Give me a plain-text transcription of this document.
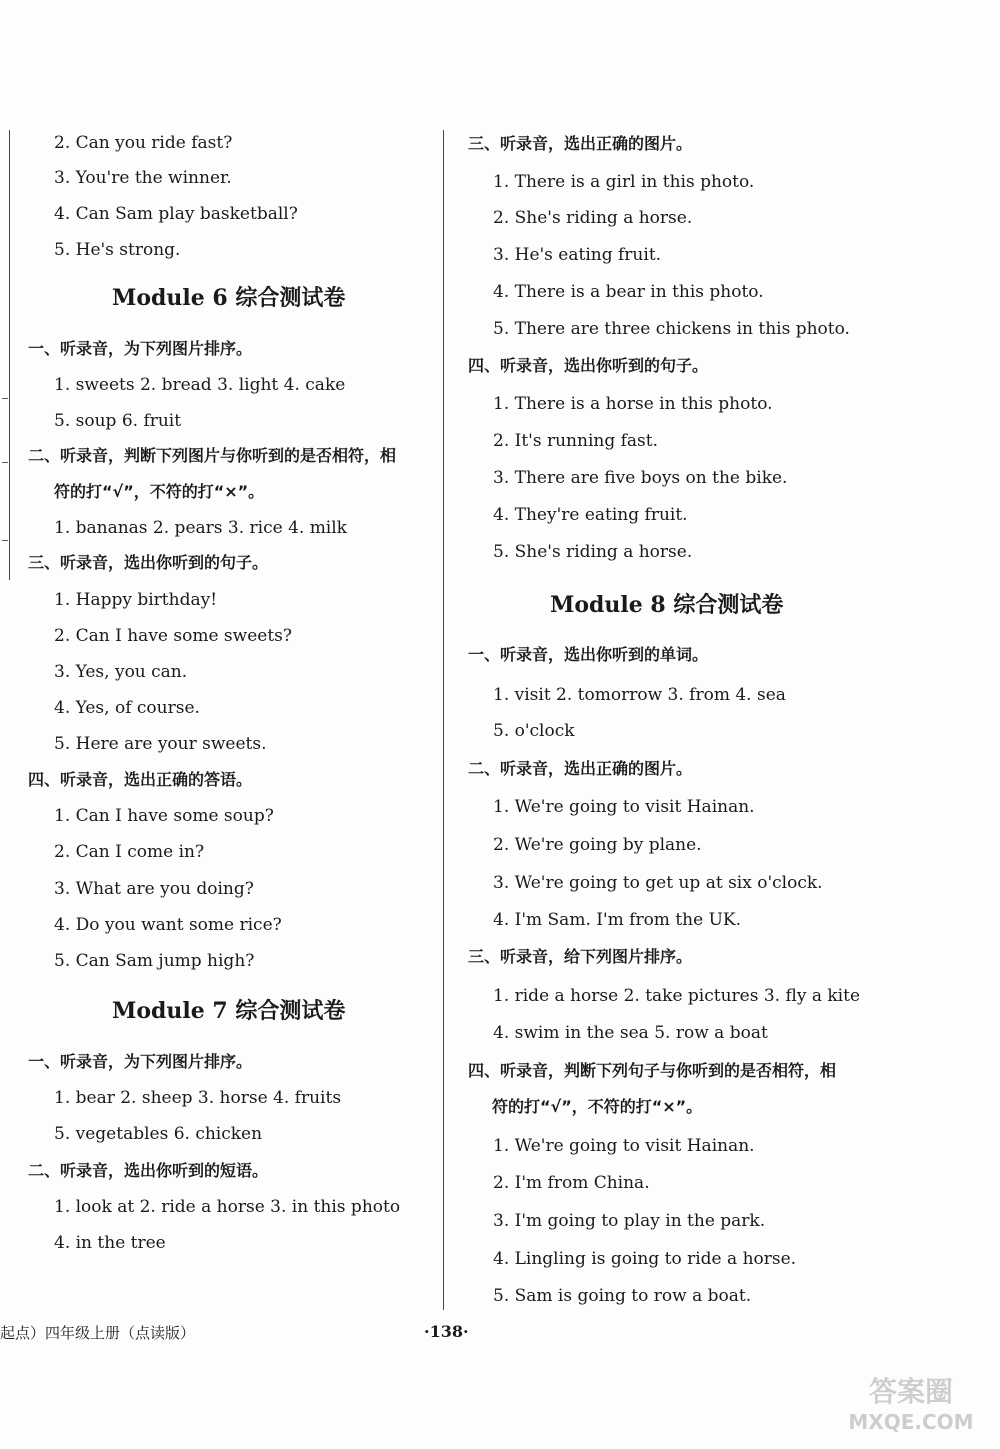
2. Can you ride fast?
3. You're the winner.
4. Can Sam play basketball?
5. He's strong.
Module 6 综合测试卷
一、听录音，为下列图片排序。
1. sweets 2. bread 3. light 4. cake
5. soup 6. fruit
二、听录音，判断下列图片与你听到的是否相符，相
符的打“√”，不符的打“×”。
1. bananas 2. pears 3. rice 4. milk
三、听录音，选出你听到的句子。
1. Happy birthday!
2. Can I have some sweets?
3. Yes, you can.
4. Yes, of course.
5. Here are your sweets.
四、听录音，选出正确的答语。
1. Can I have some soup?
2. Can I come in?
3. What are you doing?
4. Do you want some rice?
5. Can Sam jump high?
Module 7 综合测试卷
一、听录音，为下列图片排序。
1. bear 2. sheep 3. horse 4. fruits
5. vegetables 6. chicken
二、听录音，选出你听到的短语。
1. look at 2. ride a horse 3. in this photo
4. in the tree
三、听录音，选出正确的图片。
1. There is a girl in this photo.
2. She's riding a horse.
3. He's eating fruit.
4. There is a bear in this photo.
5. There are three chickens in this photo.
四、听录音，选出你听到的句子。
1. There is a horse in this photo.
2. It's running fast.
3. There are five boys on the bike.
4. They're eating fruit.
5. She's riding a horse.
Module 8 综合测试卷
一、听录音，选出你听到的单词。
1. visit 2. tomorrow 3. from 4. sea
5. o'clock
二、听录音，选出正确的图片。
1. We're going to visit Hainan.
2. We're going by plane.
3. We're going to get up at six o'clock.
4. I'm Sam. I'm from the UK.
三、听录音，给下列图片排序。
1. ride a horse 2. take pictures 3. fly a kite
4. swim in the sea 5. row a boat
四、听录音，判断下列句子与你听到的是否相符，相
符的打“√”，不符的打“×”。
1. We're going to visit Hainan.
2. I'm from China.
3. I'm going to play in the park.
4. Lingling is going to ride a horse.
5. Sam is going to row a boat.
起点）四年级上册（点读版）	·138·
答案圈
MXQE.COM
